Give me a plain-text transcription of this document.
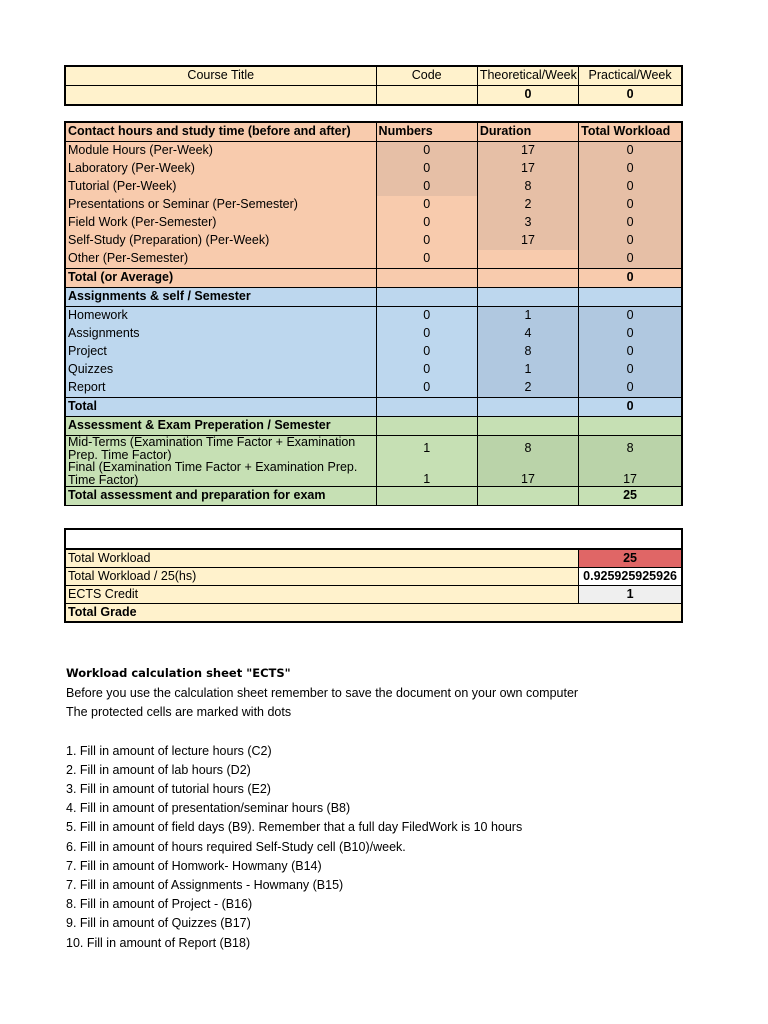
Course Title	Code	Theoretical/Week	Practical/Week
		0	0
Contact hours and study time (before and after)	Numbers	Duration	Total Workload
Module Hours (Per-Week)	0	17	0
Laboratory (Per-Week)	0	17	0
Tutorial (Per-Week)	0	8	0
Presentations or Seminar (Per-Semester)	0	2	0
Field Work (Per-Semester)	0	3	0
Self-Study (Preparation) (Per-Week)	0	17	0
Other (Per-Semester)	0		0
Total (or Average)			0
Assignments & self / Semester			
Homework	0	1	0
Assignments	0	4	0
Project	0	8	0
Quizzes	0	1	0
Report	0	2	0
Total			0
Assessment & Exam Preperation / Semester			
Mid-Terms (Examination Time Factor + Examination Prep. Time Factor)	1	8	8
Final (Examination Time Factor + Examination Prep. Time Factor)	1	17	17
Total assessment and preparation for exam			25

Total Workload	25
Total Workload / 25(hs)	0.925925925926
ECTS Credit	1
Total Grade	
Workload calculation sheet "ECTS"
Before you use the calculation sheet remember to save the document on your own computer
The protected cells are marked with dots
1. Fill in amount of lecture hours (C2)
2. Fill in amount of lab hours (D2)
3. Fill in amount of tutorial hours (E2)
4. Fill in amount of presentation/seminar hours (B8)
5. Fill in amount of field days (B9). Remember that a full day FiledWork is 10 hours
6. Fill in amount of hours required Self-Study cell (B10)/week.
7. Fill in amount of Homwork- Howmany (B14)
7. Fill in amount of Assignments - Howmany (B15)
8. Fill in amount of Project - (B16)
9. Fill in amount of Quizzes (B17)
10. Fill in amount of Report (B18)
